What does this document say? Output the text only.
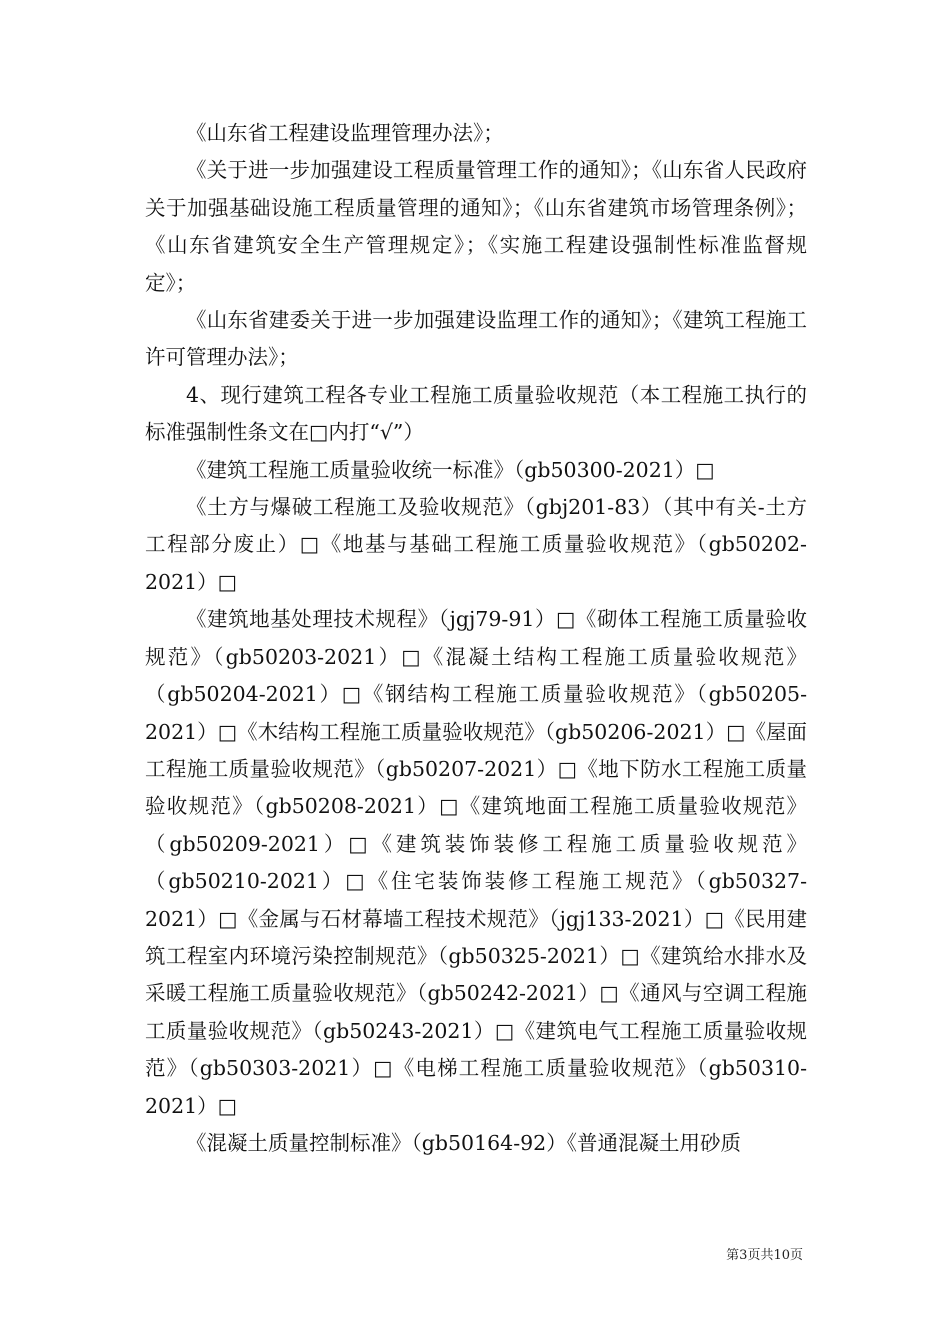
《山东省工程建设监理管理办法》；

《关于进一步加强建设工程质量管理工作的通知》；《山东省人民政府关于加强基础设施工程质量管理的通知》；《山东省建筑市场管理条例》；《山东省建筑安全生产管理规定》；《实施工程建设强制性标准监督规定》；

《山东省建委关于进一步加强建设监理工作的通知》；《建筑工程施工许可管理办法》；

4、现行建筑工程各专业工程施工质量验收规范（本工程施工执行的标准强制性条文在□内打“√”）

《建筑工程施工质量验收统一标准》（gb50300-2021）□

《土方与爆破工程施工及验收规范》（gbj201-83）（其中有关-土方工程部分废止）□《地基与基础工程施工质量验收规范》（gb50202-2021）□

《建筑地基处理技术规程》（jgj79-91）□《砌体工程施工质量验收规范》（gb50203-2021）□《混凝土结构工程施工质量验收规范》（gb50204-2021）□《钢结构工程施工质量验收规范》（gb50205-2021）□《木结构工程施工质量验收规范》（gb50206-2021）□《屋面工程施工质量验收规范》（gb50207-2021）□《地下防水工程施工质量验收规范》（gb50208-2021）□《建筑地面工程施工质量验收规范》（gb50209-2021）□《建筑装饰装修工程施工质量验收规范》（gb50210-2021）□《住宅装饰装修工程施工规范》（gb50327-2021）□《金属与石材幕墙工程技术规范》（jgj133-2021）□《民用建筑工程室内环境污染控制规范》（gb50325-2021）□《建筑给水排水及采暖工程施工质量验收规范》（gb50242-2021）□《通风与空调工程施工质量验收规范》（gb50243-2021）□《建筑电气工程施工质量验收规范》（gb50303-2021）□《电梯工程施工质量验收规范》（gb50310-2021）□

《混凝土质量控制标准》（gb50164-92）《普通混凝土用砂质

第3页共10页
